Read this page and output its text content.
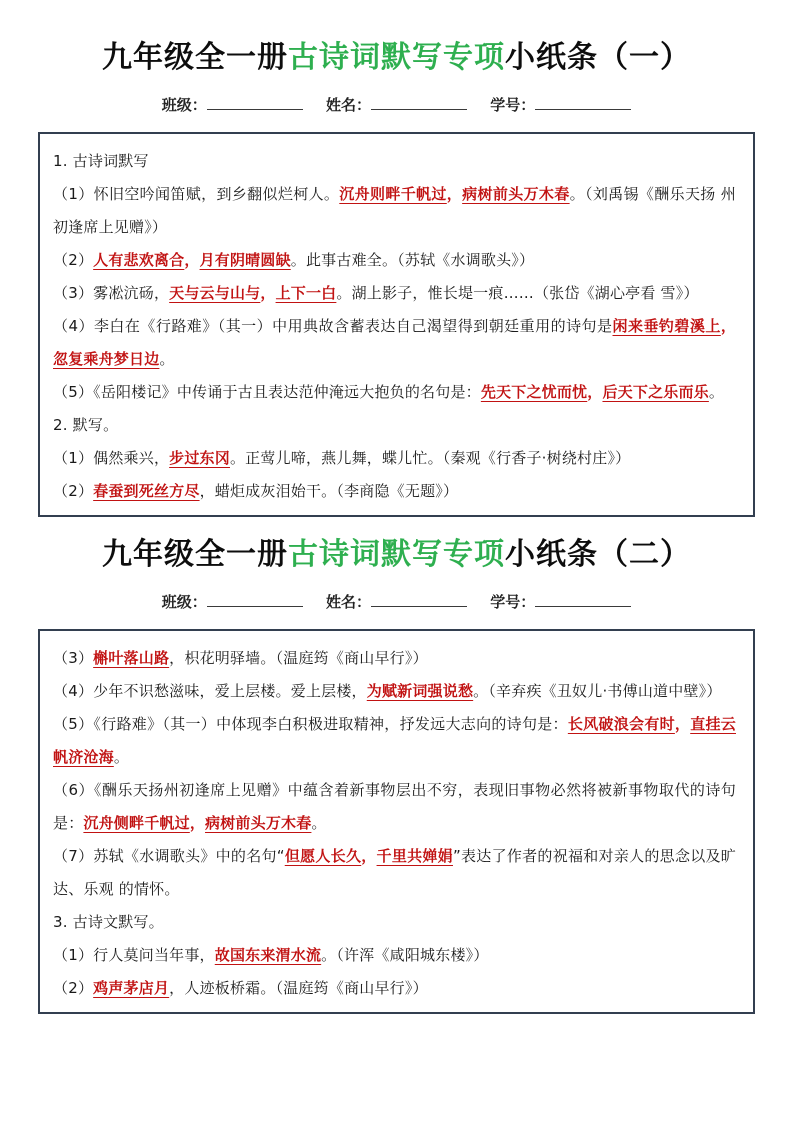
九年级全一册古诗词默写专项小纸条（一）
班级：	姓名：	学号：

1. 古诗词默写

（1）怀旧空吟闻笛赋，到乡翻似烂柯人。沉舟则畔千帆过，病树前头万木春。（刘禹锡《酬乐天扬 州初逢席上见赠》）

（2）人有悲欢离合，月有阴晴圆缺。此事古难全。（苏轼《水调歌头》）

（3）雾凇沆砀，天与云与山与，上下一白。湖上影子，惟长堤一痕……（张岱《湖心亭看 雪》）

（4）李白在《行路难》（其一）中用典故含蓄表达自己渴望得到朝廷重用的诗句是闲来垂钓碧溪上，忽复乘舟梦日边。

（5）《岳阳楼记》中传诵于古且表达范仲淹远大抱负的名句是：先天下之忧而忧，后天下之乐而乐。

2. 默写。

（1）偶然乘兴，步过东冈。正莺儿啼，燕儿舞，蝶儿忙。（秦观《行香子·树绕村庄》）

（2）春蚕到死丝方尽，蜡炬成灰泪始干。（李商隐《无题》）

九年级全一册古诗词默写专项小纸条（二）
班级：	姓名：	学号：

（3）槲叶落山路，枳花明驿墙。（温庭筠《商山早行》）

（4）少年不识愁滋味，爱上层楼。爱上层楼，为赋新词强说愁。（辛弃疾《丑奴儿·书傅山道中壁》）

（5）《行路难》（其一）中体现李白积极进取精神，抒发远大志向的诗句是：长风破浪会有时，直挂云帆济沧海。

（6）《酬乐天扬州初逢席上见赠》中蕴含着新事物层出不穷，表现旧事物必然将被新事物取代的诗句 是：沉舟侧畔千帆过，病树前头万木春。

（7）苏轼《水调歌头》中的名句“但愿人长久，千里共婵娟”表达了作者的祝福和对亲人的思念以及旷达、乐观 的情怀。

3. 古诗文默写。

（1）行人莫问当年事，故国东来渭水流。（许浑《咸阳城东楼》）

（2）鸡声茅店月，人迹板桥霜。（温庭筠《商山早行》）
